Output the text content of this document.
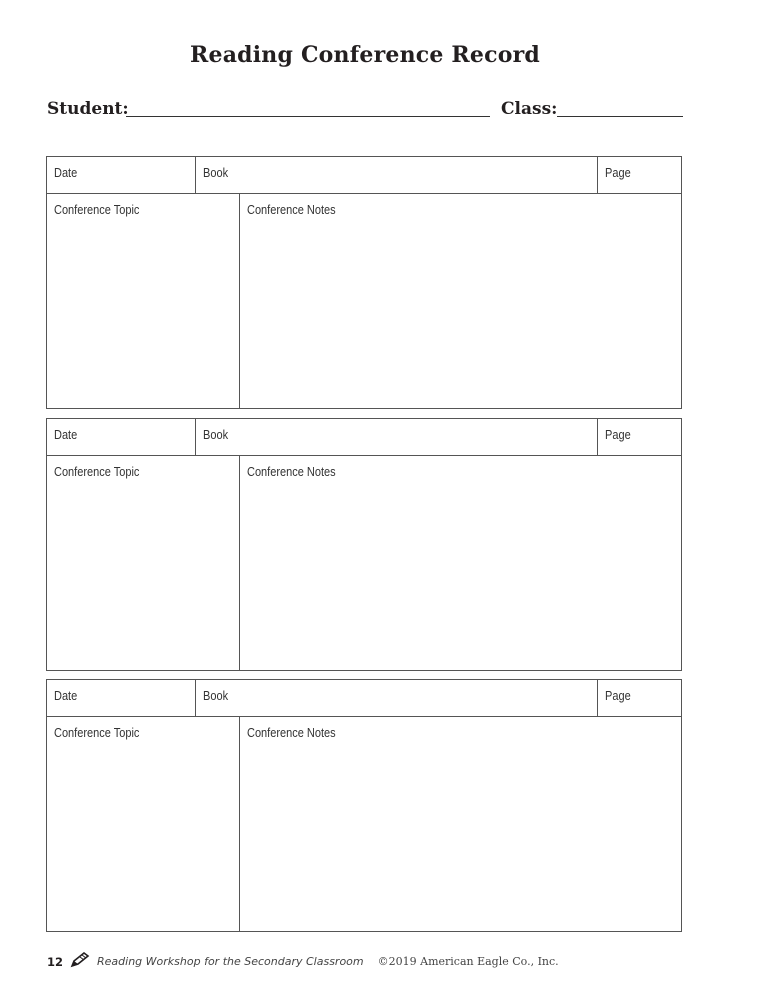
Reading Conference Record
Student:	Class:
Date	Book	Page
Conference Topic	Conference Notes
Date	Book	Page
Conference Topic	Conference Notes
Date	Book	Page
Conference Topic	Conference Notes
12	Reading Workshop for the Secondary Classroom ©2019 American Eagle Co., Inc.
